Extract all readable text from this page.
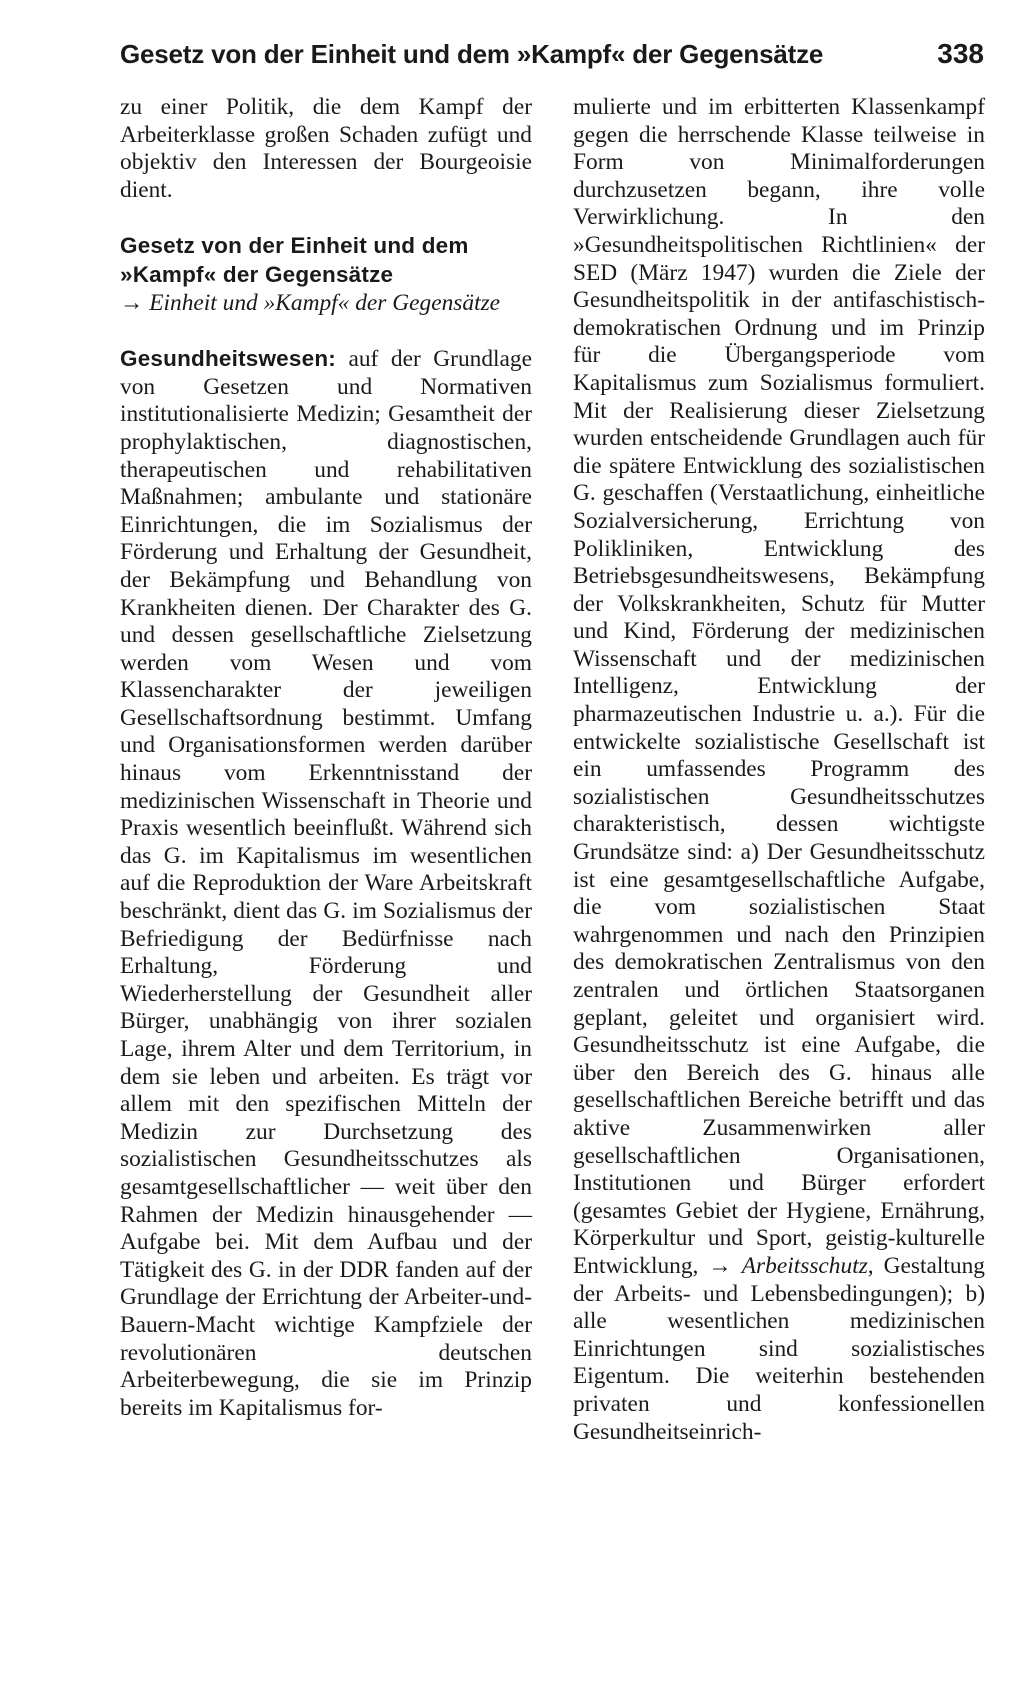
Gesetz von der Einheit und dem »Kampf« der Gegensätze	338

zu einer Politik, die dem Kampf der Arbeiterklasse großen Schaden zufügt und objektiv den Interessen der Bourgeoisie dient.

Gesetz von der Einheit und dem »Kampf« der Gegensätze
→ Einheit und »Kampf« der Gegensätze

Gesundheitswesen: auf der Grundlage von Gesetzen und Normativen institutionalisierte Medizin; Gesamtheit der prophylaktischen, diagnostischen, therapeutischen und rehabilitativen Maßnahmen; ambulante und stationäre Einrichtungen, die im Sozialismus der Förderung und Erhaltung der Gesundheit, der Bekämpfung und Behandlung von Krankheiten dienen. Der Charakter des G. und dessen gesellschaftliche Zielsetzung werden vom Wesen und vom Klassencharakter der jeweiligen Gesellschaftsordnung bestimmt. Umfang und Organisationsformen werden darüber hinaus vom Erkenntnisstand der medizinischen Wissenschaft in Theorie und Praxis wesentlich beeinflußt. Während sich das G. im Kapitalismus im wesentlichen auf die Reproduktion der Ware Arbeitskraft beschränkt, dient das G. im Sozialismus der Befriedigung der Bedürfnisse nach Erhaltung, Förderung und Wiederherstellung der Gesundheit aller Bürger, unabhängig von ihrer sozialen Lage, ihrem Alter und dem Territorium, in dem sie leben und arbeiten. Es trägt vor allem mit den spezifischen Mitteln der Medizin zur Durchsetzung des sozialistischen Gesundheitsschutzes als gesamtgesellschaftlicher — weit über den Rahmen der Medizin hinausgehender — Aufgabe bei. Mit dem Aufbau und der Tätigkeit des G. in der DDR fanden auf der Grundlage der Errichtung der Arbeiter-und-Bauern-Macht wichtige Kampfziele der revolutionären deutschen Arbeiterbewegung, die sie im Prinzip bereits im Kapitalismus for-

mulierte und im erbitterten Klassenkampf gegen die herrschende Klasse teilweise in Form von Minimalforderungen durchzusetzen begann, ihre volle Verwirklichung. In den »Gesundheitspolitischen Richtlinien« der SED (März 1947) wurden die Ziele der Gesundheitspolitik in der antifaschistisch-demokratischen Ordnung und im Prinzip für die Übergangsperiode vom Kapitalismus zum Sozialismus formuliert. Mit der Realisierung dieser Zielsetzung wurden entscheidende Grundlagen auch für die spätere Entwicklung des sozialistischen G. geschaffen (Verstaatlichung, einheitliche Sozialversicherung, Errichtung von Polikliniken, Entwicklung des Betriebsgesundheitswesens, Bekämpfung der Volkskrankheiten, Schutz für Mutter und Kind, Förderung der medizinischen Wissenschaft und der medizinischen Intelligenz, Entwicklung der pharmazeutischen Industrie u. a.). Für die entwickelte sozialistische Gesellschaft ist ein umfassendes Programm des sozialistischen Gesundheitsschutzes charakteristisch, dessen wichtigste Grundsätze sind: a) Der Gesundheitsschutz ist eine gesamtgesellschaftliche Aufgabe, die vom sozialistischen Staat wahrgenommen und nach den Prinzipien des demokratischen Zentralismus von den zentralen und örtlichen Staatsorganen geplant, geleitet und organisiert wird. Gesundheitsschutz ist eine Aufgabe, die über den Bereich des G. hinaus alle gesellschaftlichen Bereiche betrifft und das aktive Zusammenwirken aller gesellschaftlichen Organisationen, Institutionen und Bürger erfordert (gesamtes Gebiet der Hygiene, Ernährung, Körperkultur und Sport, geistig-kulturelle Entwicklung, → Arbeitsschutz, Gestaltung der Arbeits- und Lebensbedingungen); b) alle wesentlichen medizinischen Einrichtungen sind sozialistisches Eigentum. Die weiterhin bestehenden privaten und konfessionellen Gesundheitseinrich-
